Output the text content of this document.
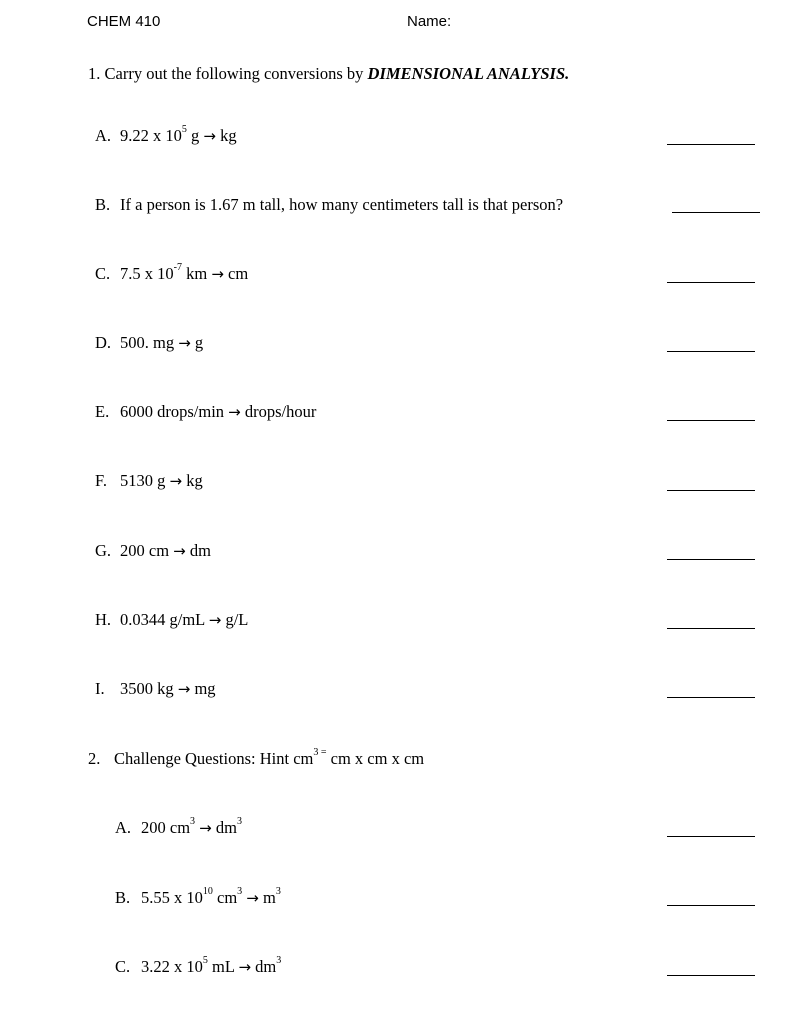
CHEM 410	Name:
1. Carry out the following conversions by DIMENSIONAL ANALYSIS.
A. 9.22 x $10^5$ g → kg
B. If a person is 1.67 m tall, how many centimeters tall is that person?
C. 7.5 x $10^{-7}$ km → cm
D. 500. mg → g
E. 6000 drops/min → drops/hour
F. 5130 g → kg
G. 200 cm → dm
H. 0.0344 g/mL → g/L
I. 3500 kg → mg
2. Challenge Questions: Hint $cm^{3 =}$ cm x cm x cm
A. 200 $cm^3 \to dm^3$
B. 5.55 x $10^{10}$ $cm^3 \to m^3$
C. 3.22 x $10^5$ mL → $dm^3$
